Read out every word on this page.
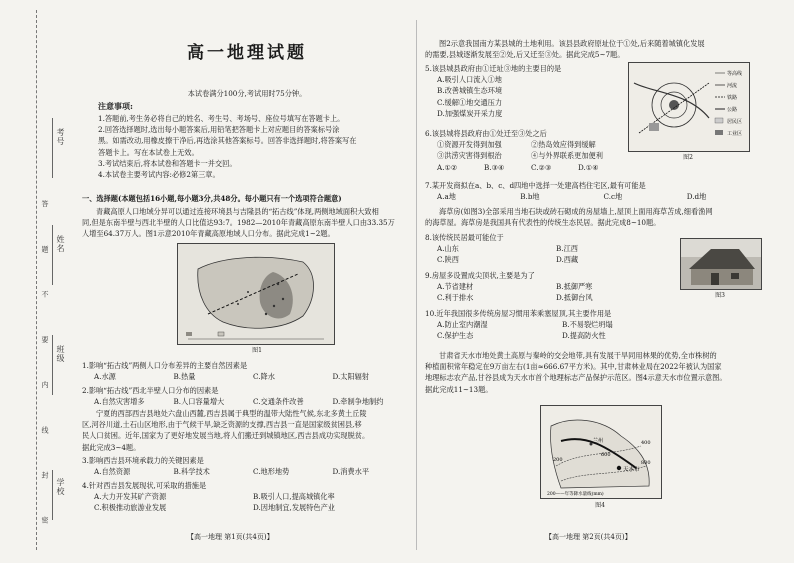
考号
姓名
班级
学校
答 题 不 要 内 线 封 密
高一地理试题
本试卷满分100分,考试用时75分钟。
注意事项:
1.答题前,考生务必将自己的姓名、考生号、考场号、座位号填写在答题卡上。
2.回答选择题时,选出每小题答案后,用铅笔把答题卡上对应题目的答案标号涂
黑。如需改动,用橡皮擦干净后,再选涂其他答案标号。回答非选择题时,将答案写在
答题卡上。写在本试卷上无效。
3.考试结束后,将本试卷和答题卡一并交回。
4.本试卷主要考试内容:必修2第三章。
一、选择题(本题包括16小题,每小题3分,共48分。每小题只有一个选项符合题意)
青藏高原人口地域分异可以通过连接环境县与吉隆县的“拓古线”体现,两侧地域面积大致相
同,但是东南半壁与西北半壁的人口比值达93:7。1982—2010年青藏高原东南半壁人口由33.35万
人增至64.37万人。图1示意2010年青藏高原地域人口分布。据此完成1~2题。
图1
1.影响“拓古线”两侧人口分布差异的主要自然因素是
A.水源	B.热量	C.降水	D.太阳辐射
2.影响“拓古线”西北半壁人口分布的因素是
A.自然灾害增多	B.人口容量增大	C.交通条件改善	D.牵制争地制约
宁夏的西部西吉县地处六盘山西麓,西吉县属于典型的温带大陆性气候,东北多黄土丘陵
区,河谷川道,土石山区地形,由于气候干旱,缺乏资源的支撑,西吉县一直是国家级贫困县,移
民人口贫困。近年,国家为了更好地发展当地,将人们搬迁到城镇地区,西吉县成功实现脱贫。
据此完成3~4题。
3.影响西吉县环境承载力的关键因素是
A.自然资源	B.科学技术	C.地形地势	D.消费水平
4.针对西吉县发展现状,可采取的措施是
A.大力开发其矿产资源	B.吸引人口,提高城镇化率
C.积极推动旅游业发展	D.因地制宜,发展特色产业
【高一地理 第1页(共4页)】
图2示意我国南方某县城的土地利用。该县县政府原址位于①处,后来随着城镇化发展
的需要,县城逐渐发展至②处,后又迁至③处。据此完成5~7题。
5.该县城县政府由①迁址③地的主要目的是
A.吸引人口流入①地
B.改善城镇生态环境
C.缓解①地交通压力
D.加强煤炭开采力度
等高线
河流
铁路
公路
居民区
工业区
图2
6.该县城将县政府由①处迁至③处之后
①资源开发得到加强	②热岛效应得到缓解
③洪涝灾害得到根治	④与外界联系更加便利
A.①②	B.③④	C.②③	D.①④
7.某开发商拟在a、b、c、d四地中选择一处建高档住宅区,最有可能是
A.a地	B.b地	C.c地	D.d地
海草房(如图3)全部采用当地石块或砖石砌成的房屋墙上,屋顶上面用海草苫成,细看渔网
的海草屋。海草房是我国具有代表性的传统生态民居。据此完成8~10题。
图3
8.该传统民居最可能位于
A.山东	B.江西
C.陕西	D.西藏
9.房屋多设置成尖顶状,主要是为了
A.节省建材	B.抵御严寒
C.利于排水	D.抵御台风
10.近年我国很多传统房屋习惯用苯乘塞屋顶,其主要作用是
A.防止室内潮湿	B.不易裂烂坍塌
C.保护生态	D.提高防火性
甘肃省天水市地处黄土高原与秦岭的交会地带,具有发展干旱同用林果的优势,全市株树的
种植面积常年稳定在9万亩左右(1亩≈666.67平方米)。其中,甘肃林业局在2022年被认为国家
地理标志农产品,甘谷县成为天水市首个地理标志产品保护示范区。图4示意天水市位置示意图。
据此完成11~13题。
天水市
兰州	400
800
600
200
200——年等降水量线(mm)
图4
【高一地理 第2页(共4页)】
